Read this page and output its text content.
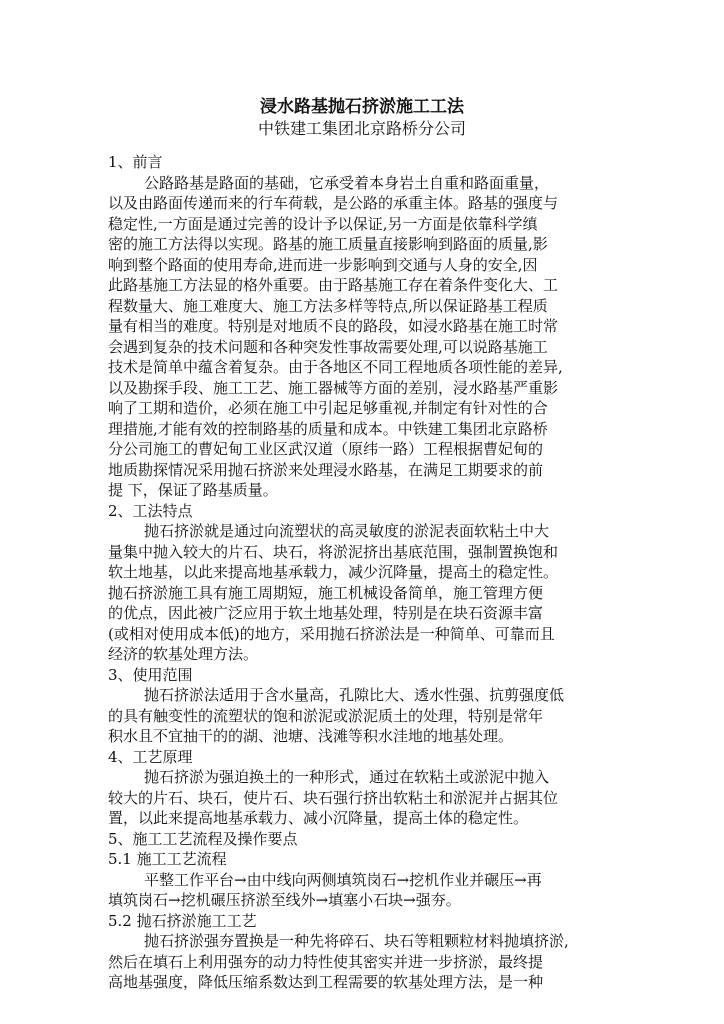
浸水路基抛石挤淤施工工法
中铁建工集团北京路桥分公司
1、前言
公路路基是路面的基础，它承受着本身岩土自重和路面重量，
以及由路面传递而来的行车荷载，是公路的承重主体。路基的强度与
稳定性,一方面是通过完善的设计予以保证,另一方面是依靠科学缜
密的施工方法得以实现。路基的施工质量直接影响到路面的质量,影
响到整个路面的使用寿命,进而进一步影响到交通与人身的安全,因
此路基施工方法显的格外重要。由于路基施工存在着条件变化大、工
程数量大、施工难度大、施工方法多样等特点,所以保证路基工程质
量有相当的难度。特别是对地质不良的路段，如浸水路基在施工时常
会遇到复杂的技术问题和各种突发性事故需要处理,可以说路基施工
技术是简单中蕴含着复杂。由于各地区不同工程地质各项性能的差异,
以及勘探手段、施工工艺、施工器械等方面的差别，浸水路基严重影
响了工期和造价，必须在施工中引起足够重视,并制定有针对性的合
理措施,才能有效的控制路基的质量和成本。中铁建工集团北京路桥
分公司施工的曹妃甸工业区武汉道（原纬一路）工程根据曹妃甸的
地质勘探情况采用抛石挤淤来处理浸水路基，在满足工期要求的前
提 下，保证了路基质量。
2、工法特点
抛石挤淤就是通过向流塑状的高灵敏度的淤泥表面软粘土中大
量集中抛入较大的片石、块石，将淤泥挤出基底范围，强制置换饱和
软土地基，以此来提高地基承载力，减少沉降量，提高土的稳定性。
抛石挤淤施工具有施工周期短，施工机械设备简单，施工管理方便
的优点，因此被广泛应用于软土地基处理，特别是在块石资源丰富
(或相对使用成本低)的地方，采用抛石挤淤法是一种简单、可靠而且
经济的软基处理方法。
3、使用范围
抛石挤淤法适用于含水量高，孔隙比大、透水性强、抗剪强度低
的具有触变性的流塑状的饱和淤泥或淤泥质土的处理，特别是常年
积水且不宜抽干的的湖、池塘、浅滩等积水洼地的地基处理。
4、工艺原理
抛石挤淤为强迫换土的一种形式，通过在软粘土或淤泥中抛入
较大的片石、块石，使片石、块石强行挤出软粘土和淤泥并占据其位
置，以此来提高地基承载力、减小沉降量，提高土体的稳定性。
5、施工工艺流程及操作要点
5.1 施工工艺流程
平整工作平台→由中线向两侧填筑岗石→挖机作业并碾压→再
填筑岗石→挖机碾压挤淤至线外→填塞小石块→强夯。
5.2 抛石挤淤施工工艺
抛石挤淤强夯置换是一种先将碎石、块石等粗颗粒材料抛填挤淤,
然后在填石上利用强夯的动力特性使其密实并进一步挤淤，最终提
高地基强度，降低压缩系数达到工程需要的软基处理方法，是一种
